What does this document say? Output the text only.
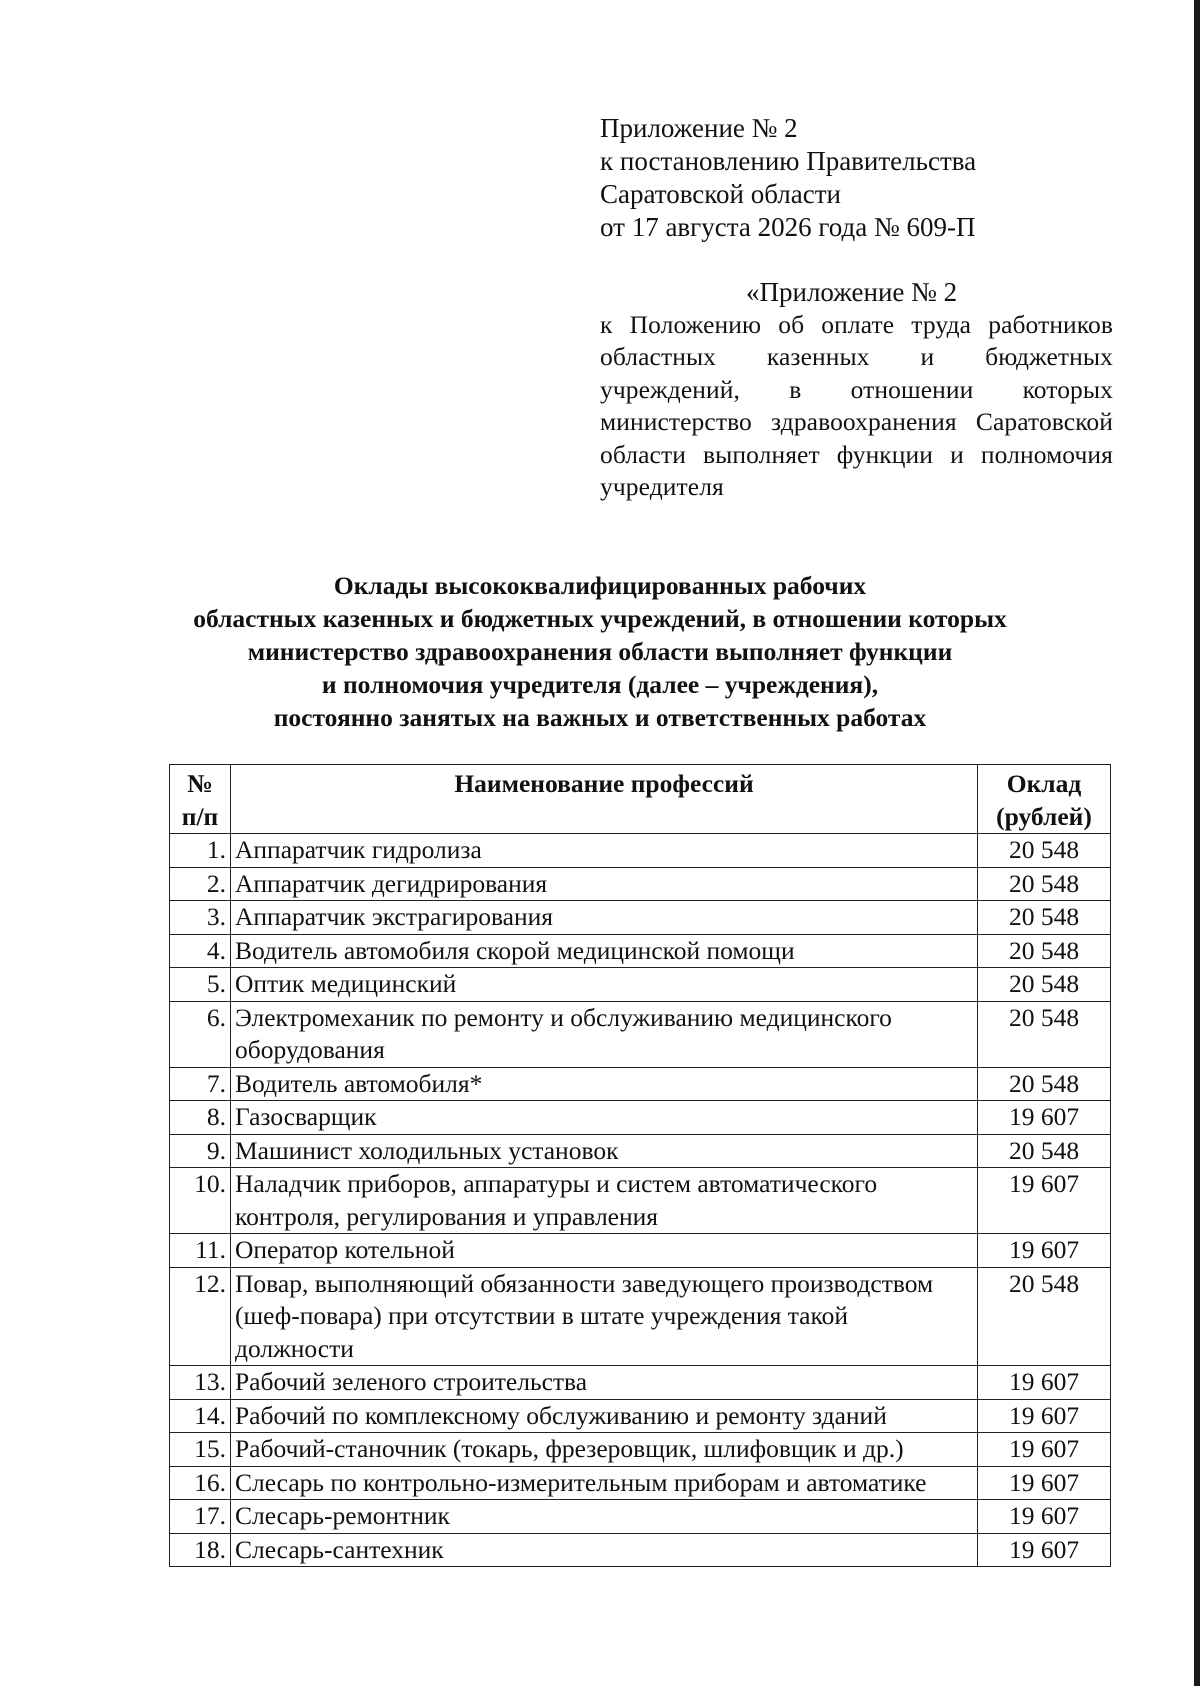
Приложение № 2
к постановлению Правительства
Саратовской области
от 17 августа 2026 года № 609-П
«Приложение № 2
к Положению об оплате труда работников областных казенных и бюджетных учреждений, в отношении которых министерство здравоохранения Саратовской области выполняет функции и полномочия учредителя
Оклады высококвалифицированных рабочих
областных казенных и бюджетных учреждений, в отношении которых
министерство здравоохранения области выполняет функции
и полномочия учредителя (далее – учреждения),
постоянно занятых на важных и ответственных работах
№ п/п	Наименование профессий	Оклад (рублей)
1.	Аппаратчик гидролиза	20 548
2.	Аппаратчик дегидрирования	20 548
3.	Аппаратчик экстрагирования	20 548
4.	Водитель автомобиля скорой медицинской помощи	20 548
5.	Оптик медицинский	20 548
6.	Электромеханик по ремонту и обслуживанию медицинского оборудования	20 548
7.	Водитель автомобиля*	20 548
8.	Газосварщик	19 607
9.	Машинист холодильных установок	20 548
10.	Наладчик приборов, аппаратуры и систем автоматического контроля, регулирования и управления	19 607
11.	Оператор котельной	19 607
12.	Повар, выполняющий обязанности заведующего производством (шеф-повара) при отсутствии в штате учреждения такой должности	20 548
13.	Рабочий зеленого строительства	19 607
14.	Рабочий по комплексному обслуживанию и ремонту зданий	19 607
15.	Рабочий-станочник (токарь, фрезеровщик, шлифовщик и др.)	19 607
16.	Слесарь по контрольно-измерительным приборам и автоматике	19 607
17.	Слесарь-ремонтник	19 607
18.	Слесарь-сантехник	19 607
